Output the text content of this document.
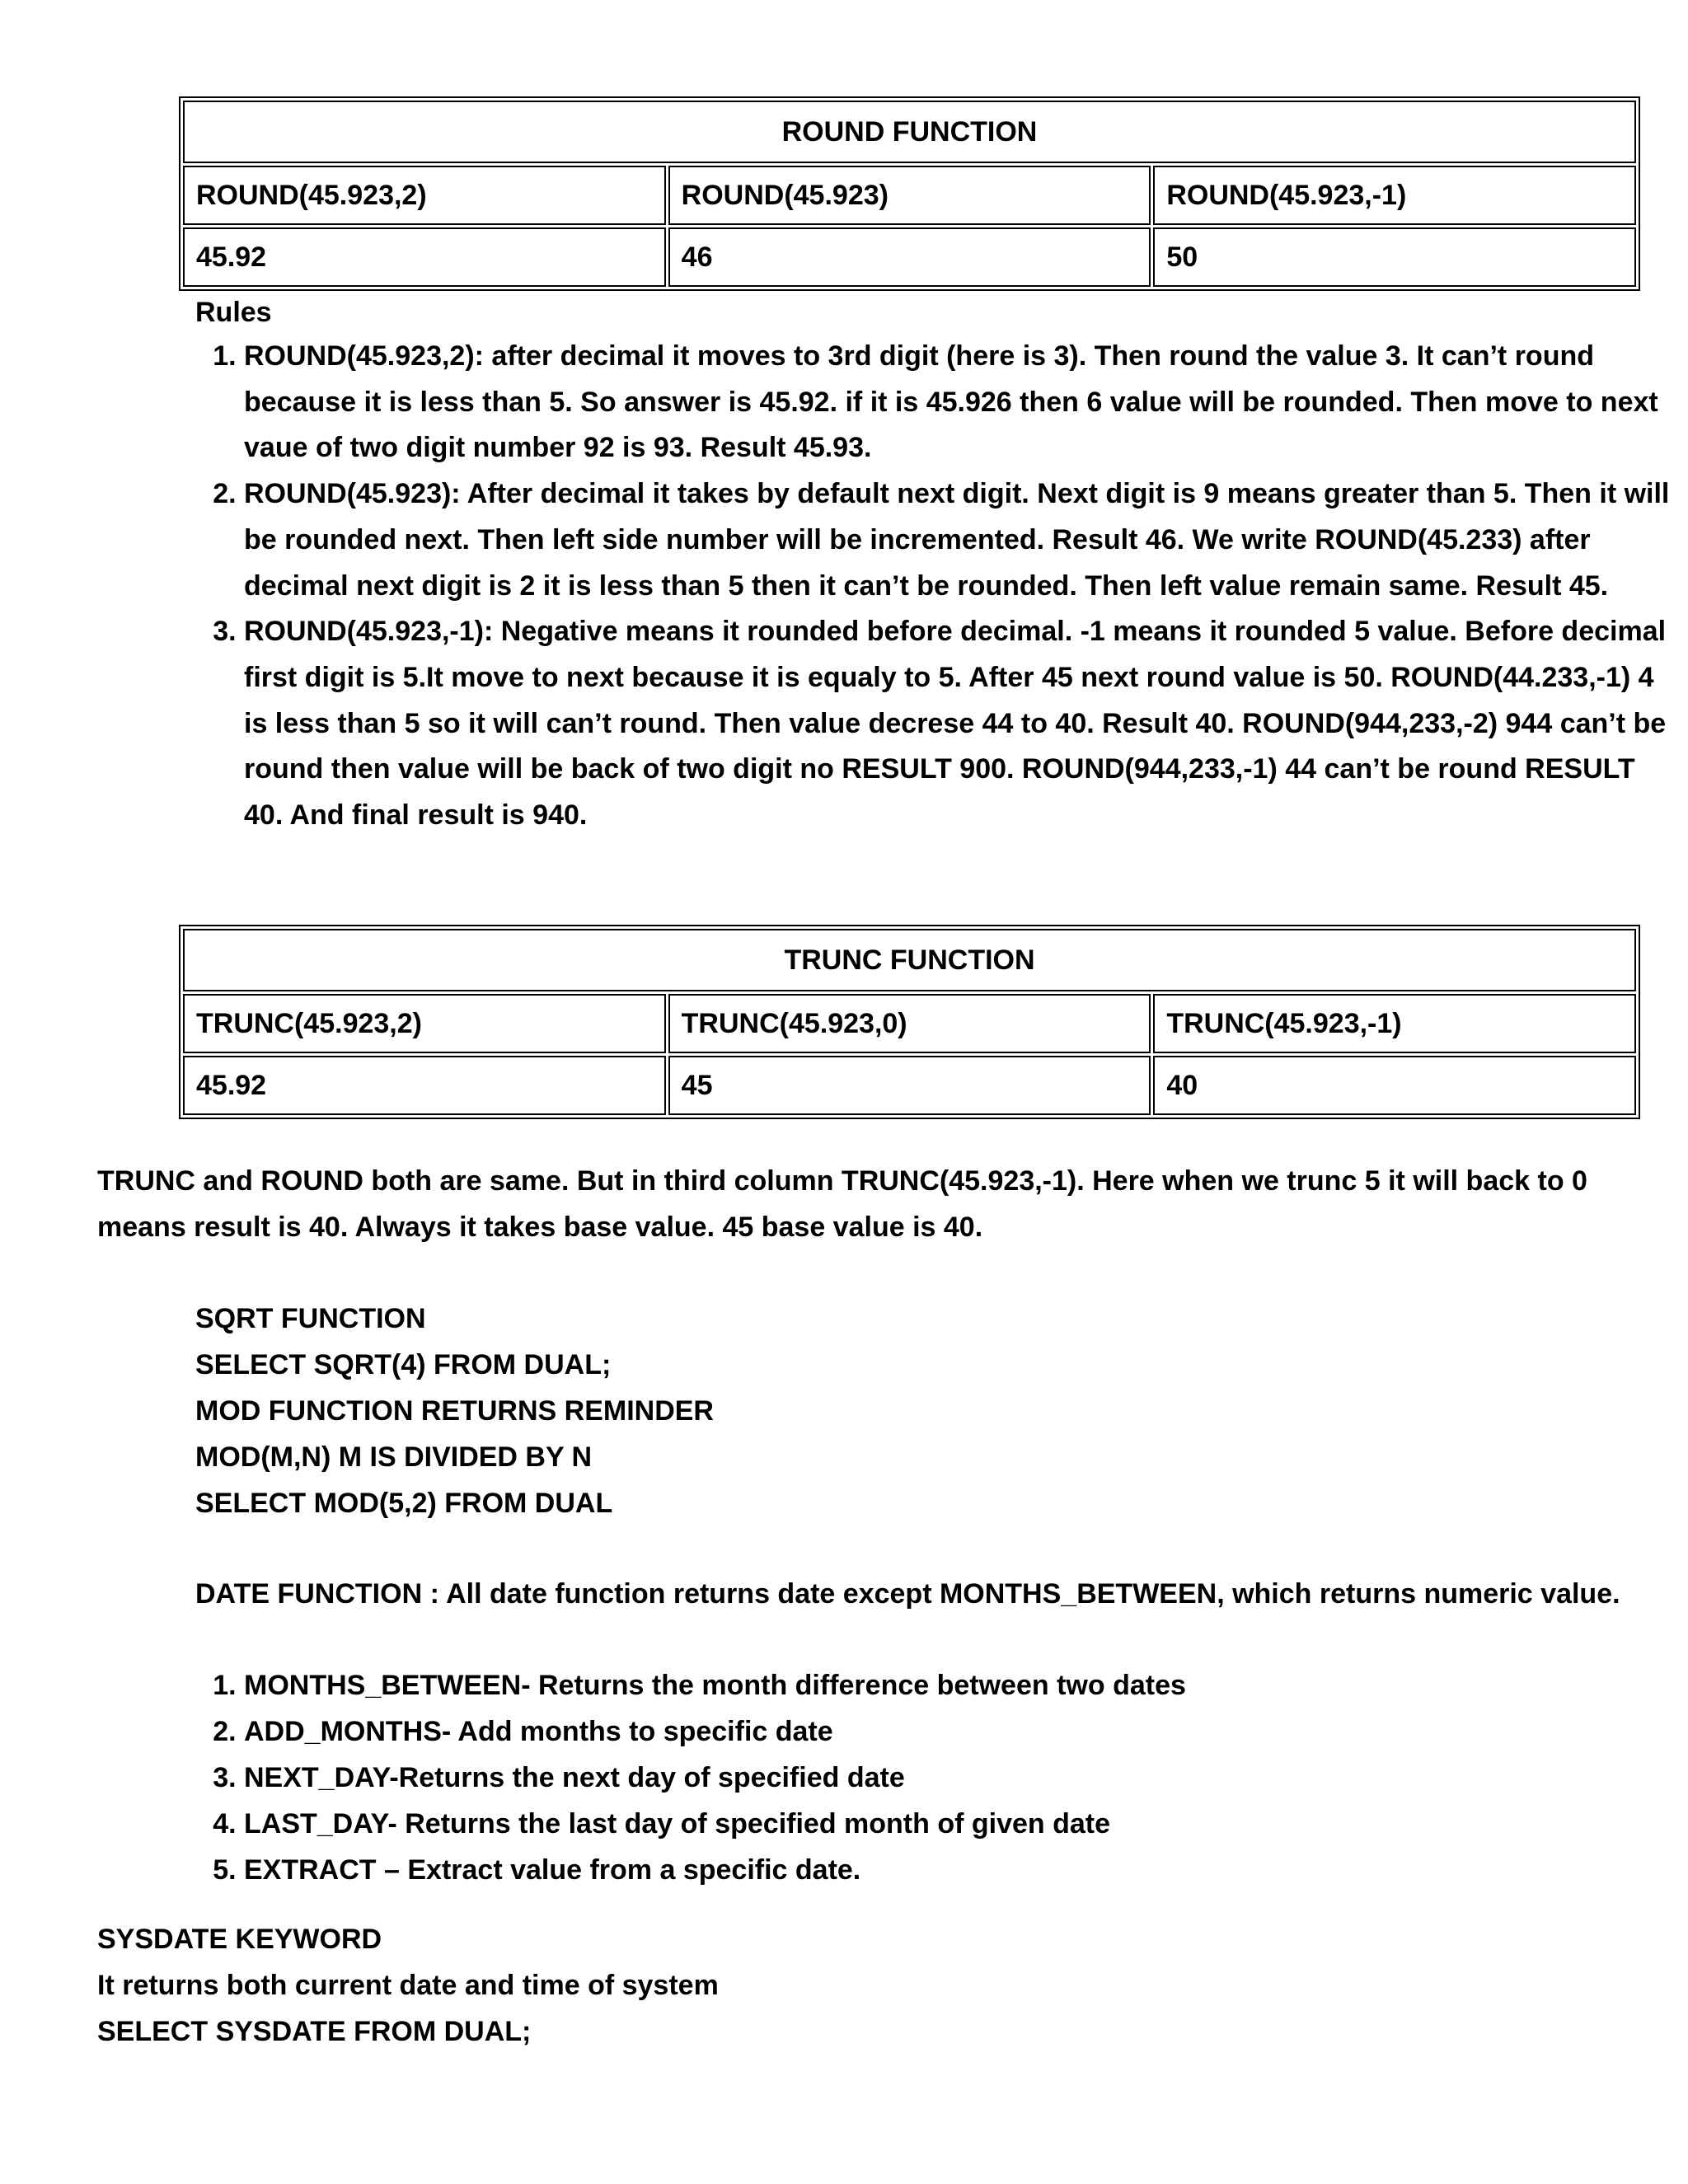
ROUND FUNCTION		
ROUND(45.923,2)	ROUND(45.923)	ROUND(45.923,-1)
45.92	46	50
Rules
1. ROUND(45.923,2): after decimal it moves to 3rd digit (here is 3). Then round the value 3. It can’t round because it is less than 5. So answer is 45.92. if it is 45.926 then 6 value will be rounded. Then move to next vaue of two digit number 92 is 93. Result 45.93.
2. ROUND(45.923): After decimal it takes by default next digit. Next digit is 9 means greater than 5. Then it will be rounded next. Then left side number will be incremented. Result 46. We write ROUND(45.233) after decimal next digit is 2 it is less than 5 then it can’t be rounded. Then left value remain same. Result 45.
3. ROUND(45.923,-1): Negative means it rounded before decimal. -1 means it rounded 5 value. Before decimal first digit is 5.It move to next because it is equaly to 5. After 45 next round value is 50. ROUND(44.233,-1) 4 is less than 5 so it will can’t round. Then value decrese 44 to 40. Result 40. ROUND(944,233,-2) 944 can’t be round then value will be back of two digit no RESULT 900. ROUND(944,233,-1) 44 can’t be round RESULT 40. And final result is 940.
TRUNC FUNCTION		
TRUNC(45.923,2)	TRUNC(45.923,0)	TRUNC(45.923,-1)
45.92	45	40
TRUNC and ROUND both are same. But in third column TRUNC(45.923,-1). Here when we trunc 5 it will back to 0 means result is 40. Always it takes base value. 45 base value is 40.
SQRT FUNCTION
SELECT SQRT(4) FROM DUAL;
MOD FUNCTION RETURNS REMINDER
MOD(M,N) M IS DIVIDED BY N
SELECT MOD(5,2) FROM DUAL
DATE FUNCTION : All date function returns date except MONTHS_BETWEEN, which returns numeric value.
1. MONTHS_BETWEEN- Returns the month difference between two dates
2. ADD_MONTHS- Add months to specific date
3. NEXT_DAY-Returns the next day of specified date
4. LAST_DAY- Returns the last day of specified month of given date
5. EXTRACT – Extract value from a specific date.
SYSDATE KEYWORD
It returns both current date and time of system
SELECT SYSDATE FROM DUAL;
